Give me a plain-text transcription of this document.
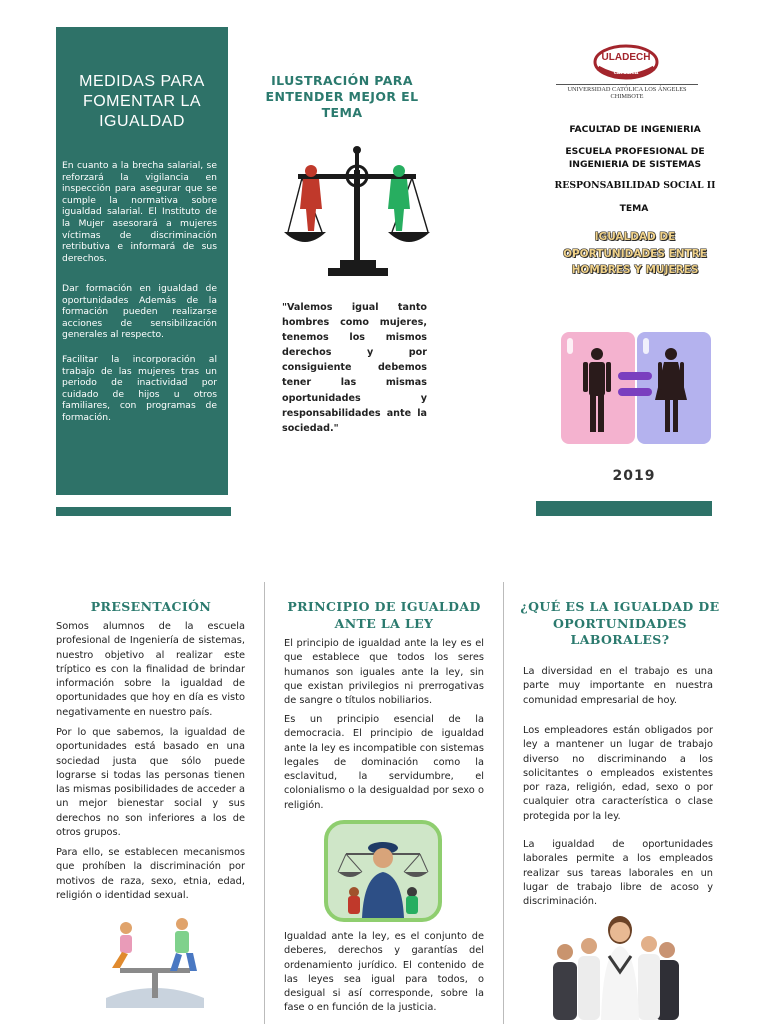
MEDIDAS PARA FOMENTAR LA IGUALDAD

En cuanto a la brecha salarial, se reforzará la vigilancia en inspección para asegurar que se cumple la normativa sobre igualdad salarial. El Instituto de la Mujer asesorará a mujeres víctimas de discriminación retributiva e informará de sus derechos.

Dar formación en igualdad de oportunidades Además de la formación pueden realizarse acciones de sensibilización generales al respecto.

Facilitar la incorporación al trabajo de las mujeres tras un periodo de inactividad por cuidado de hijos u otros familiares, con programas de formación.

ILUSTRACIÓN PARA ENTENDER MEJOR EL TEMA

"Valemos igual tanto hombres como mujeres, tenemos los mismos derechos y por consiguiente debemos tener las mismas oportunidades y responsabilidades ante la sociedad."

ULADECH
CATÓLICA
UNIVERSIDAD CATÓLICA LOS ÁNGELES CHIMBOTE
FACULTAD DE INGENIERIA
ESCUELA PROFESIONAL DE INGENIERIA DE SISTEMAS
RESPONSABILIDAD SOCIAL II
TEMA
IGUALDAD DE OPORTUNIDADES ENTRE HOMBRES Y MUJERES
2019
PRESENTACIÓN

Somos alumnos de la escuela profesional de Ingeniería de sistemas, nuestro objetivo al realizar este tríptico es con la finalidad de brindar información sobre la igualdad de oportunidades que hoy en día es visto negativamente en nuestro país.

Por lo que sabemos, la igualdad de oportunidades está basado en una sociedad justa que sólo puede lograrse si todas las personas tienen las mismas posibilidades de acceder a un mejor bienestar social y sus derechos no son inferiores a los de otros grupos.

Para ello, se establecen mecanismos que prohíben la discriminación por motivos de raza, sexo, etnia, edad, religión o identidad sexual.

PRINCIPIO DE IGUALDAD ANTE LA LEY

El principio de igualdad ante la ley es el que establece que todos los seres humanos son iguales ante la ley, sin que existan privilegios ni prerrogativas de sangre o títulos nobiliarios.

Es un principio esencial de la democracia. El principio de igualdad ante la ley es incompatible con sistemas legales de dominación como la esclavitud, la servidumbre, el colonialismo o la desigualdad por sexo o religión.

Igualdad ante la ley, es el conjunto de deberes, derechos y garantías del ordenamiento jurídico. El contenido de las leyes sea igual para todos, o desigual si así corresponde, sobre la fase o en función de la justicia.

¿QUÉ ES LA IGUALDAD DE OPORTUNIDADES LABORALES?

La diversidad en el trabajo es una parte muy importante en nuestra comunidad empresarial de hoy.

Los empleadores están obligados por ley a mantener un lugar de trabajo diverso no discriminando a los solicitantes o empleados existentes por raza, religión, edad, sexo o por cualquier otra característica o clase protegida por la ley.

La igualdad de oportunidades laborales permite a los empleados realizar sus tareas laborales en un lugar de trabajo libre de acoso y discriminación.
